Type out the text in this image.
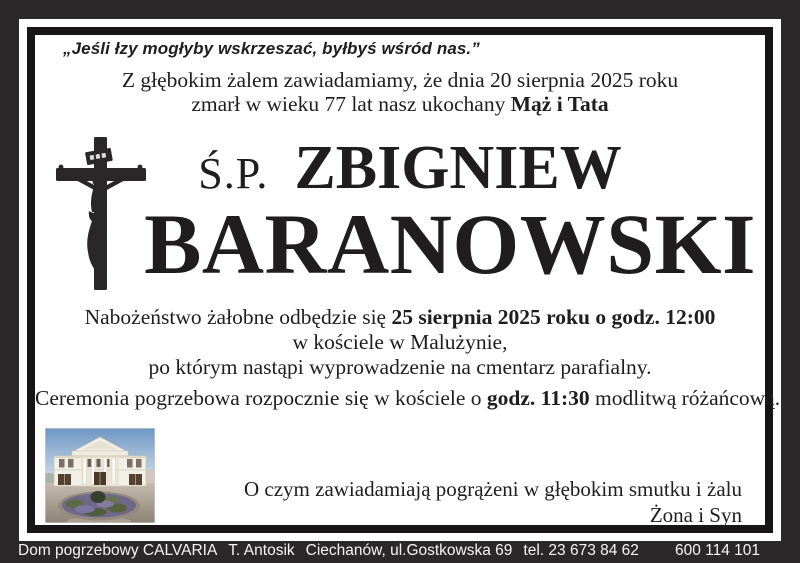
„Jeśli łzy mogłyby wskrzeszać, byłbyś wśród nas.”
Z głębokim żalem zawiadamiamy, że dnia 20 sierpnia 2025 roku
zmarł w wieku 77 lat nasz ukochany Mąż i Tata
Ś.P. ZBIGNIEW
BARANOWSKI
Nabożeństwo żałobne odbędzie się 25 sierpnia 2025 roku o godz. 12:00
w kościele w Malużynie,
po którym nastąpi wyprowadzenie na cmentarz parafialny.
Ceremonia pogrzebowa rozpocznie się w kościele o godz. 11:30 modlitwą różańcową.
O czym zawiadamiają pogrążeni w głębokim smutku i żalu
Żona i Syn
Dom pogrzebowy CALVARIA T. Antosik Ciechanów, ul.Gostkowska 69 tel. 23 673 84 62 600 114 101
